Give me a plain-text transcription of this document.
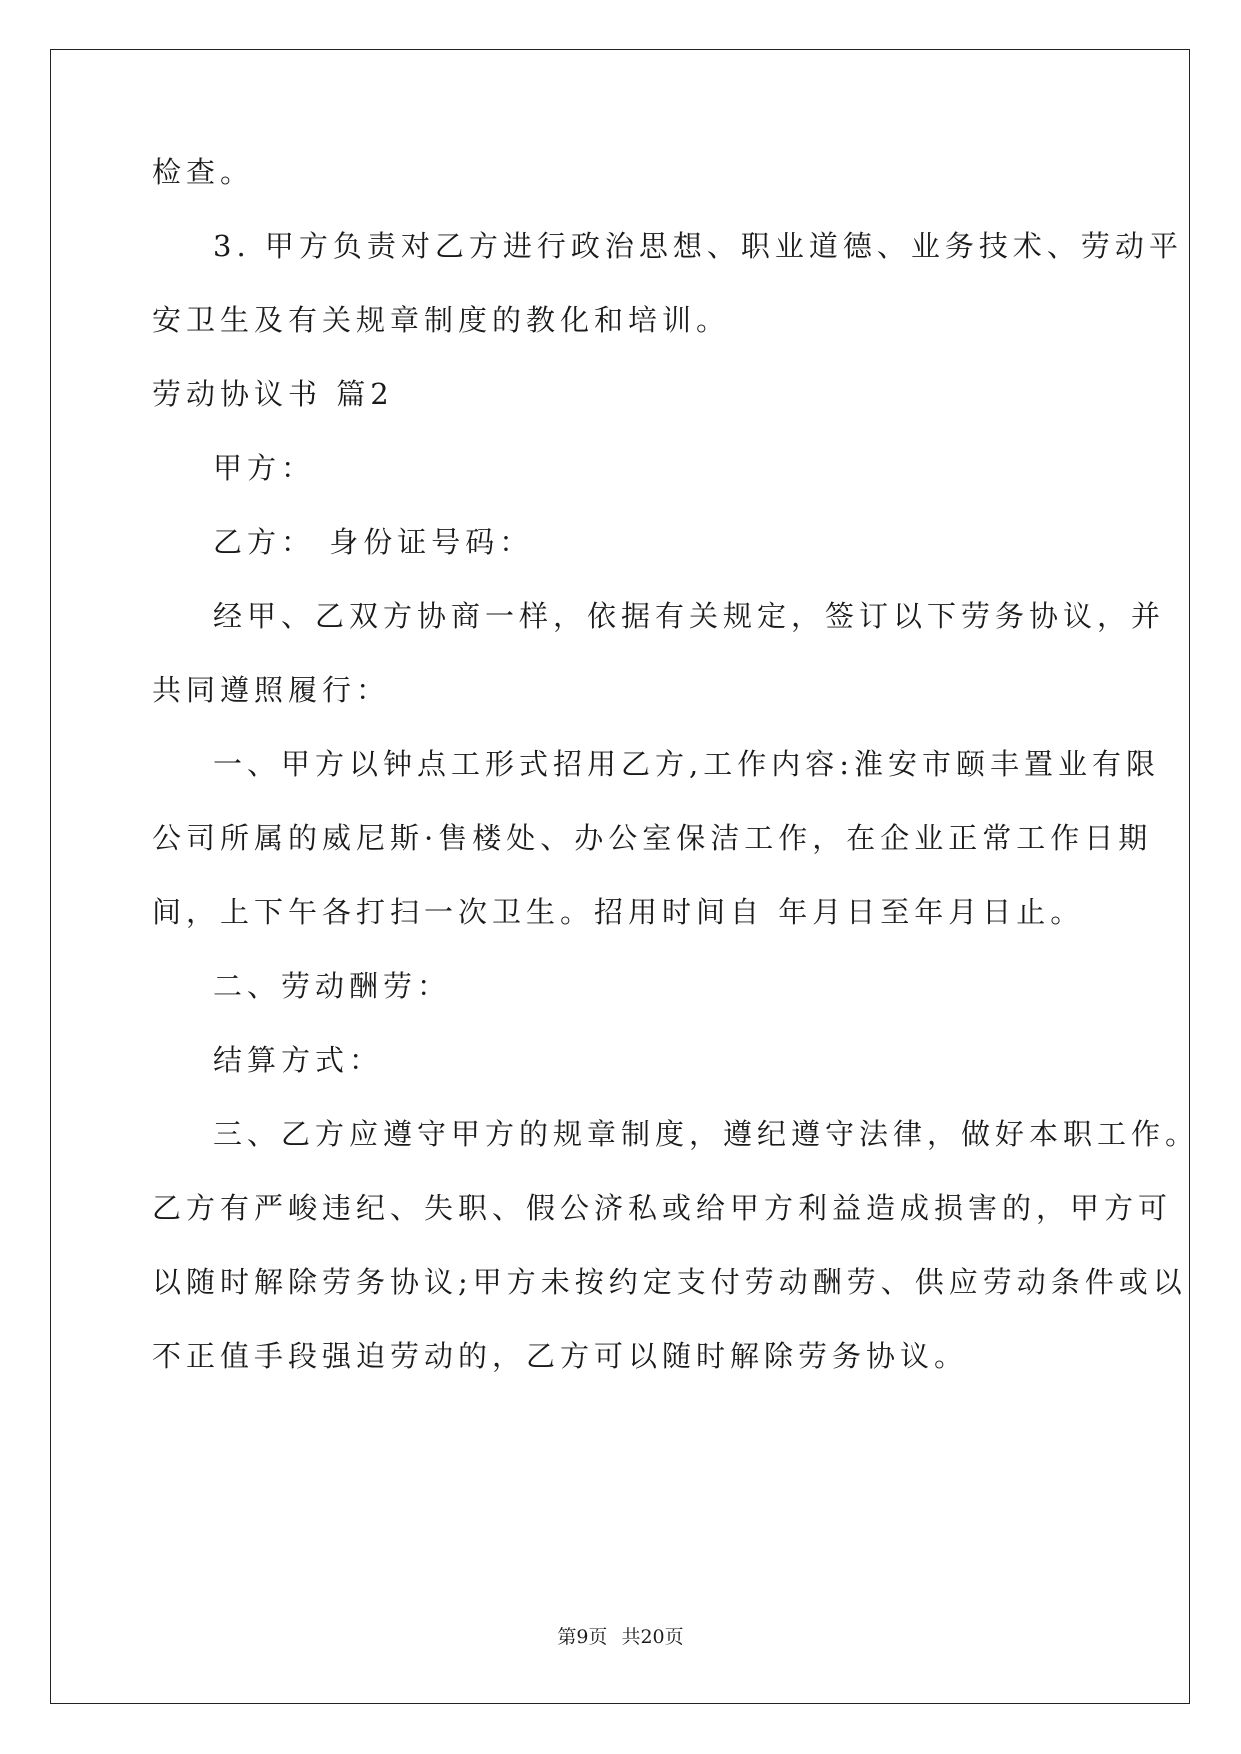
检查。
3. 甲方负责对乙方进行政治思想、职业道德、业务技术、劳动平
安卫生及有关规章制度的教化和培训。
劳动协议书 篇2
甲方：
乙方： 身份证号码：
经甲、乙双方协商一样，依据有关规定，签订以下劳务协议，并
共同遵照履行：
一、甲方以钟点工形式招用乙方,工作内容:淮安市颐丰置业有限
公司所属的威尼斯·售楼处、办公室保洁工作，在企业正常工作日期
间，上下午各打扫一次卫生。招用时间自 年月日至年月日止。
二、劳动酬劳：
结算方式：
三、乙方应遵守甲方的规章制度，遵纪遵守法律，做好本职工作。
乙方有严峻违纪、失职、假公济私或给甲方利益造成损害的，甲方可
以随时解除劳务协议;甲方未按约定支付劳动酬劳、供应劳动条件或以
不正值手段强迫劳动的，乙方可以随时解除劳务协议。
第9页 共20页
